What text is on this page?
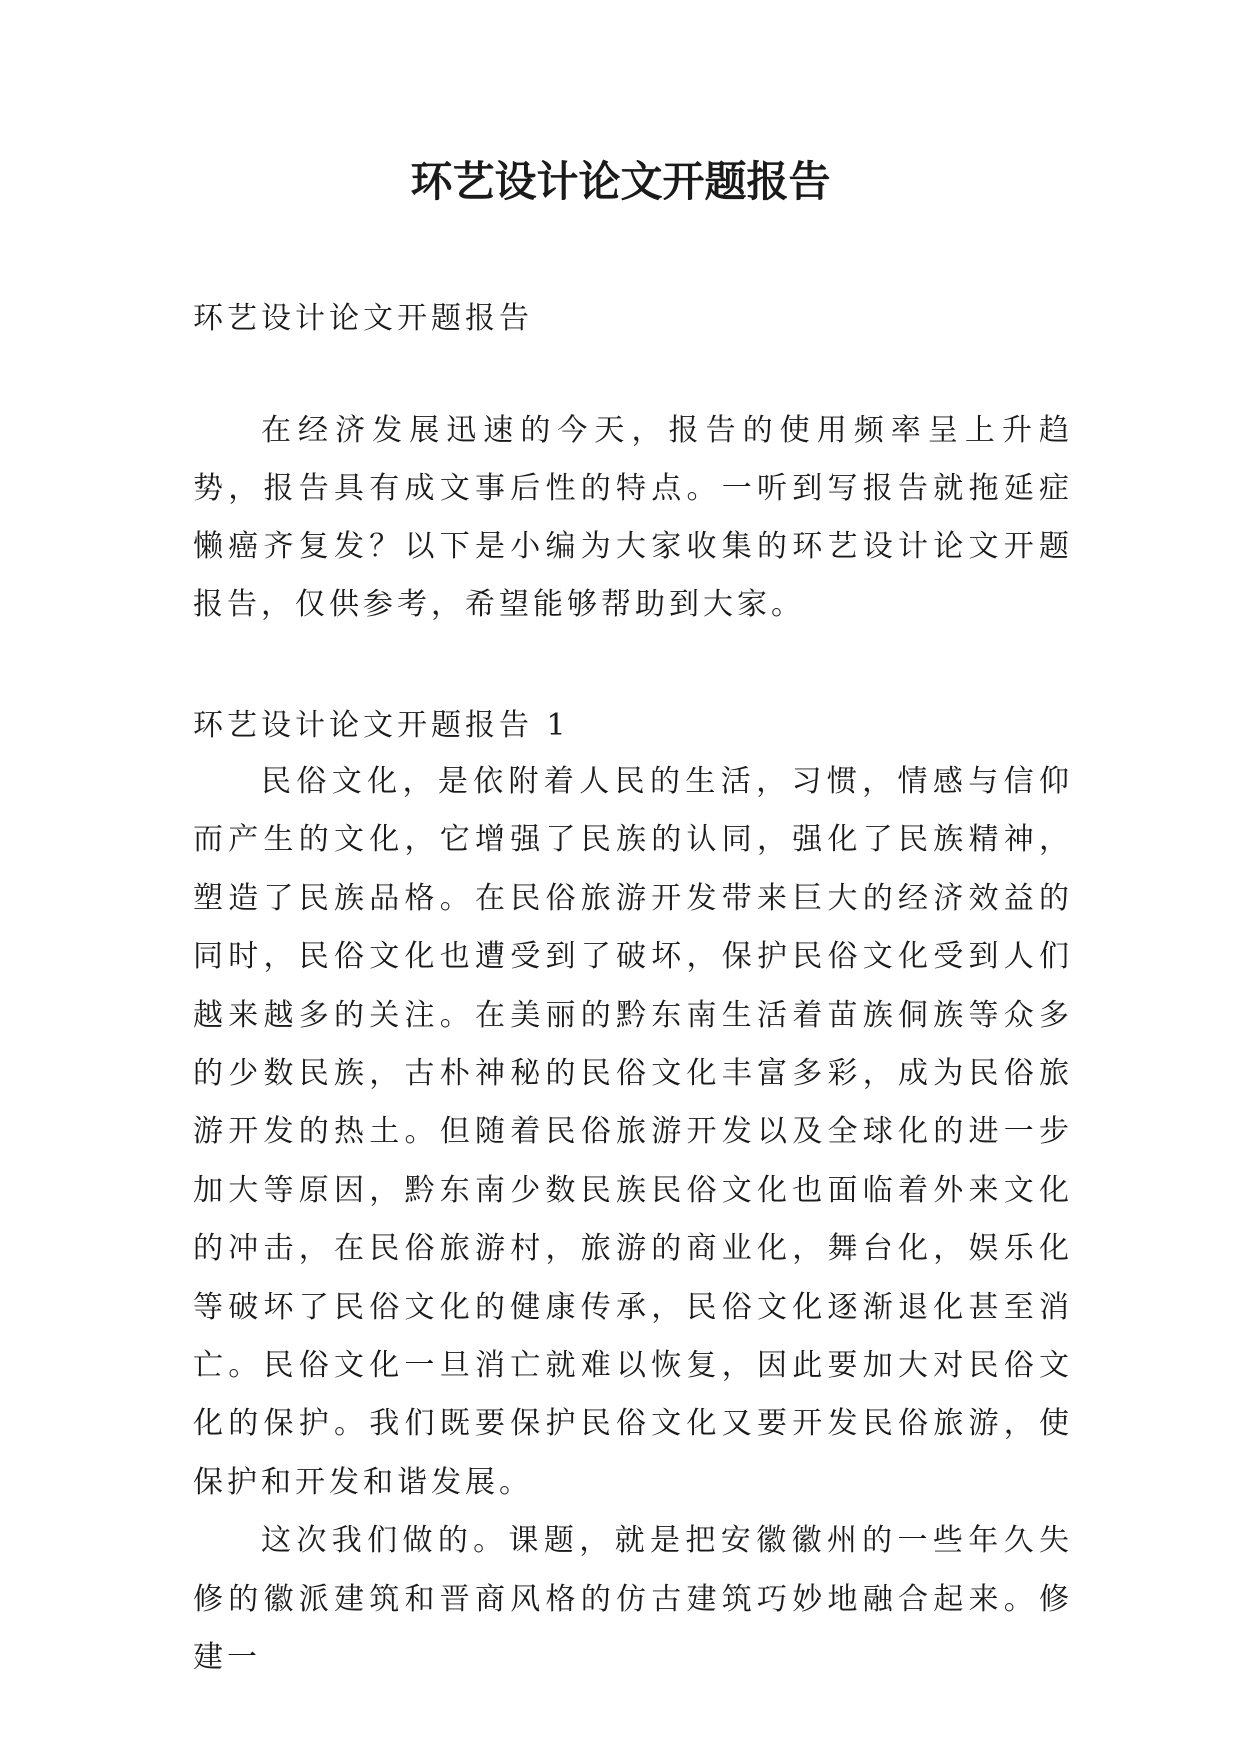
环艺设计论文开题报告

环艺设计论文开题报告

在经济发展迅速的今天，报告的使用频率呈上升趋势，报告具有成文事后性的特点。一听到写报告就拖延症懒癌齐复发？以下是小编为大家收集的环艺设计论文开题报告，仅供参考，希望能够帮助到大家。

环艺设计论文开题报告 1

民俗文化，是依附着人民的生活，习惯，情感与信仰而产生的文化，它增强了民族的认同，强化了民族精神，塑造了民族品格。在民俗旅游开发带来巨大的经济效益的同时，民俗文化也遭受到了破坏，保护民俗文化受到人们越来越多的关注。在美丽的黔东南生活着苗族侗族等众多的少数民族，古朴神秘的民俗文化丰富多彩，成为民俗旅游开发的热土。但随着民俗旅游开发以及全球化的进一步加大等原因，黔东南少数民族民俗文化也面临着外来文化的冲击，在民俗旅游村，旅游的商业化，舞台化，娱乐化等破坏了民俗文化的健康传承，民俗文化逐渐退化甚至消亡。民俗文化一旦消亡就难以恢复，因此要加大对民俗文化的保护。我们既要保护民俗文化又要开发民俗旅游，使保护和开发和谐发展。

这次我们做的。课题，就是把安徽徽州的一些年久失修的徽派建筑和晋商风格的仿古建筑巧妙地融合起来。修建一
